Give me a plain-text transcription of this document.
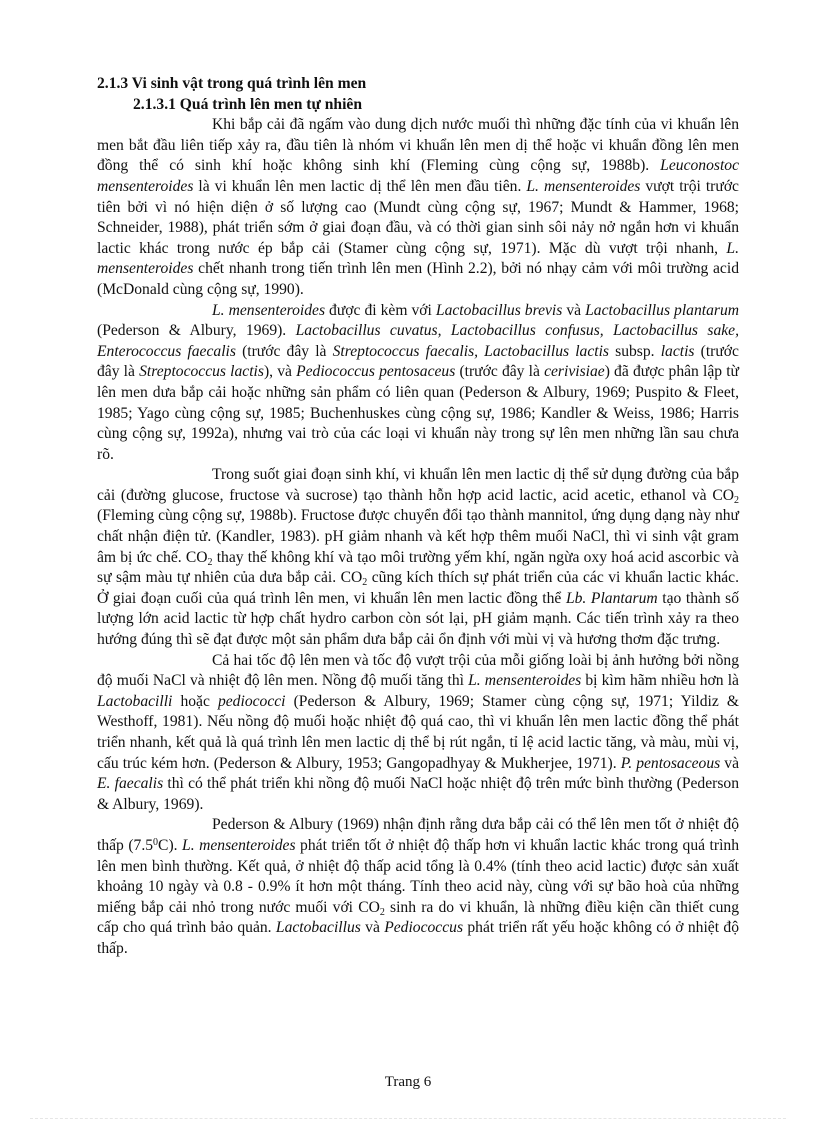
2.1.3 Vi sinh vật trong quá trình lên men
2.1.3.1 Quá trình lên men tự nhiên

Khi bắp cải đã ngấm vào dung dịch nước muối thì những đặc tính của vi khuẩn lên men bắt đầu liên tiếp xảy ra, đầu tiên là nhóm vi khuẩn lên men dị thể hoặc vi khuẩn đồng lên men đồng thể có sinh khí hoặc không sinh khí (Fleming cùng cộng sự, 1988b). Leuconostoc mensenteroides là vi khuẩn lên men lactic dị thể lên men đầu tiên. L. mensenteroides vượt trội trước tiên bởi vì nó hiện diện ở số lượng cao (Mundt cùng cộng sự, 1967; Mundt & Hammer, 1968; Schneider, 1988), phát triển sớm ở giai đoạn đầu, và có thời gian sinh sôi nảy nở ngắn hơn vi khuẩn lactic khác trong nước ép bắp cải (Stamer cùng cộng sự, 1971). Mặc dù vượt trội nhanh, L. mensenteroides chết nhanh trong tiến trình lên men (Hình 2.2), bởi nó nhạy cảm với môi trường acid (McDonald cùng cộng sự, 1990).

L. mensenteroides được đi kèm với Lactobacillus brevis và Lactobacillus plantarum (Pederson & Albury, 1969). Lactobacillus cuvatus, Lactobacillus confusus, Lactobacillus sake, Enterococcus faecalis (trước đây là Streptococcus faecalis, Lactobacillus lactis subsp. lactis (trước đây là Streptococcus lactis), và Pediococcus pentosaceus (trước đây là cerivisiae) đã được phân lập từ lên men dưa bắp cải hoặc những sản phẩm có liên quan (Pederson & Albury, 1969; Puspito & Fleet, 1985; Yago cùng cộng sự, 1985; Buchenhuskes cùng cộng sự, 1986; Kandler & Weiss, 1986; Harris cùng cộng sự, 1992a), nhưng vai trò của các loại vi khuẩn này trong sự lên men những lần sau chưa rõ.

Trong suốt giai đoạn sinh khí, vi khuẩn lên men lactic dị thể sử dụng đường của bắp cải (đường glucose, fructose và sucrose) tạo thành hỗn hợp acid lactic, acid acetic, ethanol và $CO_2$ (Fleming cùng cộng sự, 1988b). Fructose được chuyển đổi tạo thành mannitol, ứng dụng dạng này như chất nhận điện tử. (Kandler, 1983). pH giảm nhanh và kết hợp thêm muối NaCl, thì vi sinh vật gram âm bị ức chế. $CO_2$ thay thế không khí và tạo môi trường yếm khí, ngăn ngừa oxy hoá acid ascorbic và sự sậm màu tự nhiên của dưa bắp cải. $CO_2$ cũng kích thích sự phát triển của các vi khuẩn lactic khác. Ở giai đoạn cuối của quá trình lên men, vi khuẩn lên men lactic đồng thể Lb. Plantarum tạo thành số lượng lớn acid lactic từ hợp chất hydro carbon còn sót lại, pH giảm mạnh. Các tiến trình xảy ra theo hướng đúng thì sẽ đạt được một sản phẩm dưa bắp cải ổn định với mùi vị và hương thơm đặc trưng.

Cả hai tốc độ lên men và tốc độ vượt trội của mỗi giống loài bị ảnh hưởng bởi nồng độ muối NaCl và nhiệt độ lên men. Nồng độ muối tăng thì L. mensenteroides bị kìm hãm nhiều hơn là Lactobacilli hoặc pediococci (Pederson & Albury, 1969; Stamer cùng cộng sự, 1971; Yildiz & Westhoff, 1981). Nếu nồng độ muối hoặc nhiệt độ quá cao, thì vi khuẩn lên men lactic đồng thể phát triển nhanh, kết quả là quá trình lên men lactic dị thể bị rút ngắn, tỉ lệ acid lactic tăng, và màu, mùi vị, cấu trúc kém hơn. (Pederson & Albury, 1953; Gangopadhyay & Mukherjee, 1971). P. pentosaceous và E. faecalis thì có thể phát triển khi nồng độ muối NaCl hoặc nhiệt độ trên mức bình thường (Pederson & Albury, 1969).

Pederson & Albury (1969) nhận định rằng dưa bắp cải có thể lên men tốt ở nhiệt độ thấp $(7.5^0C)$. L. mensenteroides phát triển tốt ở nhiệt độ thấp hơn vi khuẩn lactic khác trong quá trình lên men bình thường. Kết quả, ở nhiệt độ thấp acid tổng là 0.4% (tính theo acid lactic) được sản xuất khoảng 10 ngày và 0.8 - 0.9% ít hơn một tháng. Tính theo acid này, cùng với sự bão hoà của những miếng bắp cải nhỏ trong nước muối với $CO_2$ sinh ra do vi khuẩn, là những điều kiện cần thiết cung cấp cho quá trình bảo quản. Lactobacillus và Pediococcus phát triển rất yếu hoặc không có ở nhiệt độ thấp.

Trang 6
